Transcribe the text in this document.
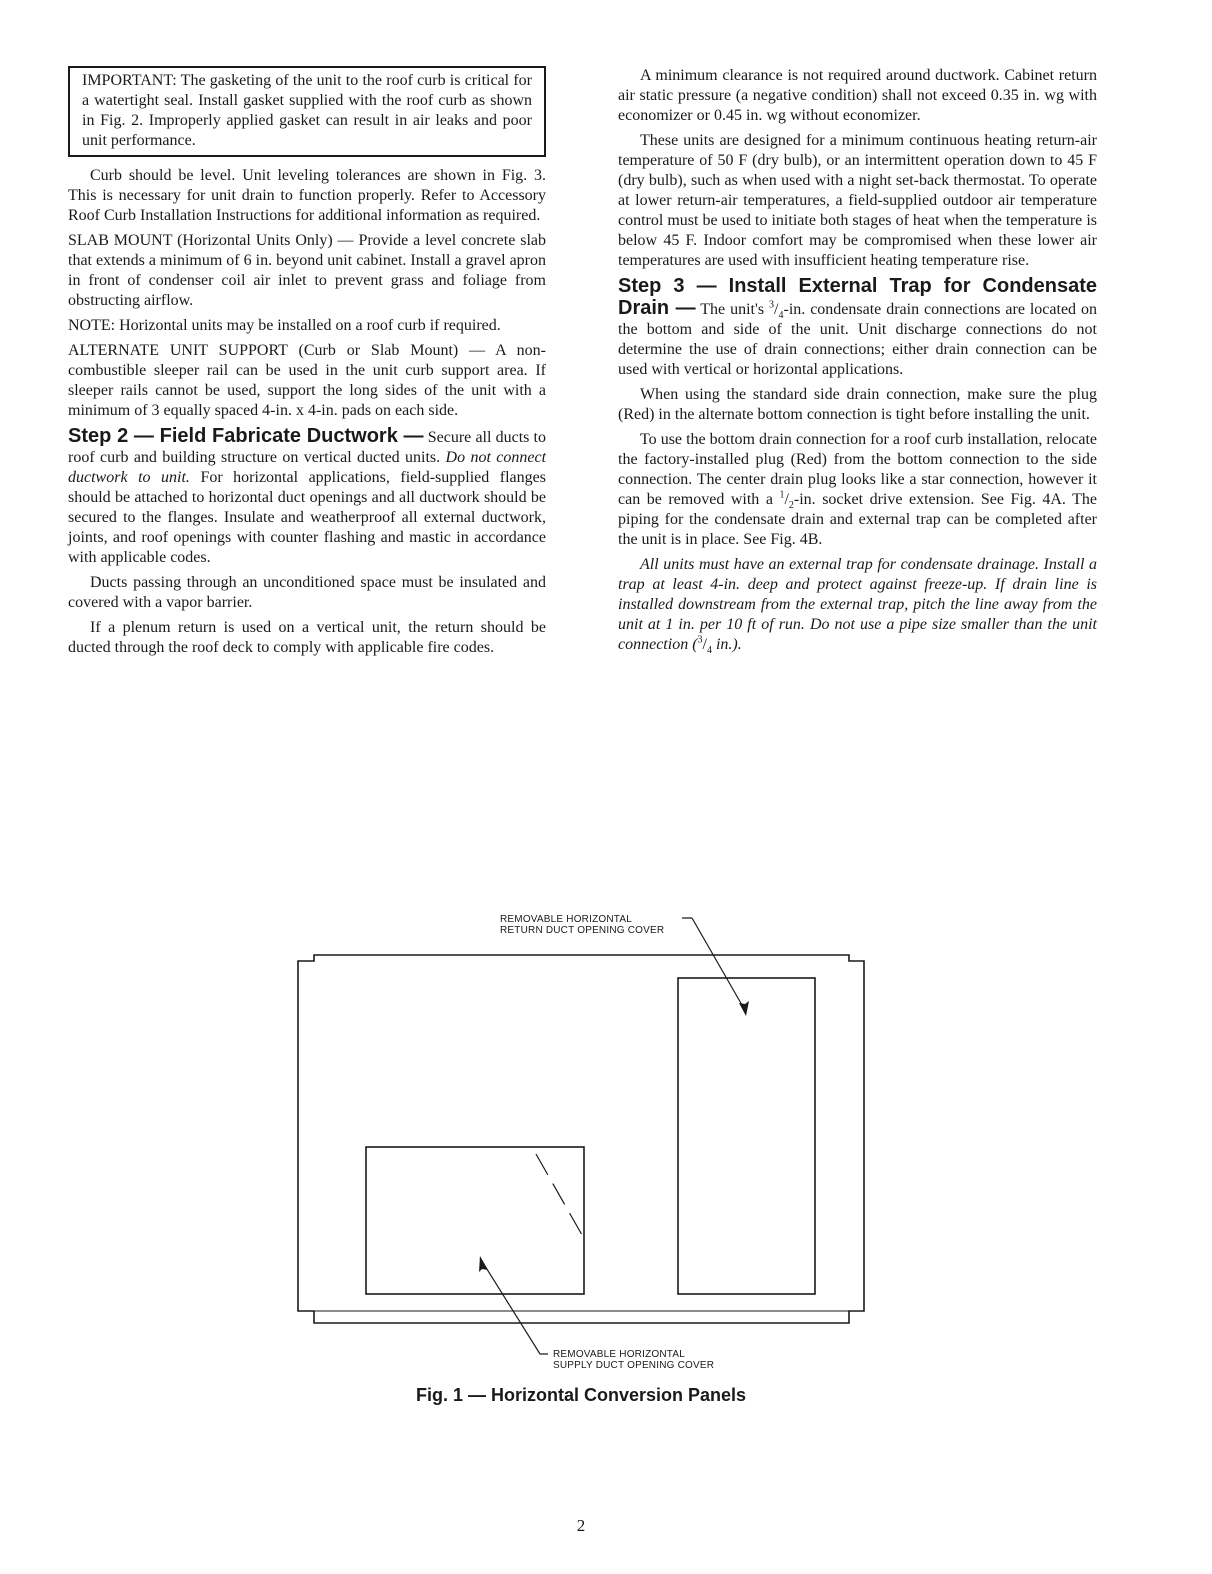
IMPORTANT: The gasketing of the unit to the roof curb is critical for a watertight seal. Install gasket supplied with the roof curb as shown in Fig. 2. Improperly applied gasket can result in air leaks and poor unit performance.

Curb should be level. Unit leveling tolerances are shown in Fig. 3. This is necessary for unit drain to function properly. Refer to Accessory Roof Curb Installation Instructions for additional information as required.

SLAB MOUNT (Horizontal Units Only) — Provide a level concrete slab that extends a minimum of 6 in. beyond unit cabinet. Install a gravel apron in front of condenser coil air inlet to prevent grass and foliage from obstructing airflow.

NOTE: Horizontal units may be installed on a roof curb if required.

ALTERNATE UNIT SUPPORT (Curb or Slab Mount) — A non-combustible sleeper rail can be used in the unit curb support area. If sleeper rails cannot be used, support the long sides of the unit with a minimum of 3 equally spaced 4-in. x 4-in. pads on each side.

Step 2 — Field Fabricate Ductwork — Secure all ducts to roof curb and building structure on vertical ducted units. Do not connect ductwork to unit. For horizontal applications, field-supplied flanges should be attached to horizontal duct openings and all ductwork should be secured to the flanges. Insulate and weatherproof all external ductwork, joints, and roof openings with counter flashing and mastic in accordance with applicable codes.

Ducts passing through an unconditioned space must be insulated and covered with a vapor barrier.

If a plenum return is used on a vertical unit, the return should be ducted through the roof deck to comply with applicable fire codes.

A minimum clearance is not required around ductwork. Cabinet return air static pressure (a negative condition) shall not exceed 0.35 in. wg with economizer or 0.45 in. wg without economizer.

These units are designed for a minimum continuous heating return-air temperature of 50 F (dry bulb), or an intermittent operation down to 45 F (dry bulb), such as when used with a night set-back thermostat. To operate at lower return-air temperatures, a field-supplied outdoor air temperature control must be used to initiate both stages of heat when the temperature is below 45 F. Indoor comfort may be compromised when these lower air temperatures are used with insufficient heating temperature rise.

Step 3 — Install External Trap for Condensate Drain — The unit's $^3/_4-in$. condensate drain connections are located on the bottom and side of the unit. Unit discharge connections do not determine the use of drain connections; either drain connection can be used with vertical or horizontal applications.

When using the standard side drain connection, make sure the plug (Red) in the alternate bottom connection is tight before installing the unit.

To use the bottom drain connection for a roof curb installation, relocate the factory-installed plug (Red) from the bottom connection to the side connection. The center drain plug looks like a star connection, however it can be removed with a $^1/_2-in$. socket drive extension. See Fig. 4A. The piping for the condensate drain and external trap can be completed after the unit is in place. See Fig. 4B.

All units must have an external trap for condensate drainage. Install a trap at least 4-in. deep and protect against freeze-up. If drain line is installed downstream from the external trap, pitch the line away from the unit at 1 in. per 10 ft of run. Do not use a pipe size smaller than the unit connection ($^3/_4$ in.).

REMOVABLE HORIZONTAL
RETURN DUCT OPENING COVER
REMOVABLE HORIZONTAL
SUPPLY DUCT OPENING COVER
Fig. 1 — Horizontal Conversion Panels
2
